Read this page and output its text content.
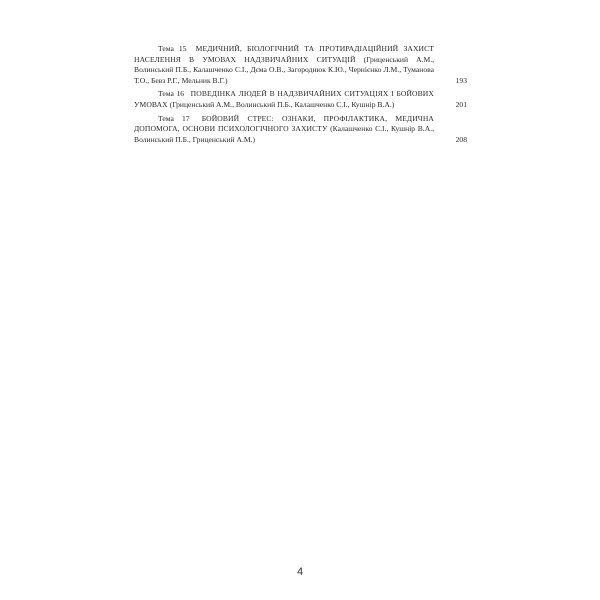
Тема 15 МЕДИЧНИЙ, БІОЛОГІЧНИЙ ТА ПРОТИРАДІАЦІЙНИЙ ЗАХИСТ НАСЕЛЕННЯ В УМОВАХ НАДЗВИЧАЙНИХ СИТУАЦІЙ (Гриценський А.М., Волинський П.Б., Калашченко С.І., Дєма О.В., Загороднюк К.Ю., Чернієнко Л.М., Туманова Т.О., Бевз Р.Г., Мельник В.Г.)	193
Тема 16 ПОВЕДІНКА ЛЮДЕЙ В НАДЗВИЧАЙНИХ СИТУАЦІЯХ І БОЙОВИХ УМОВАХ (Гриценський А.М., Волинський П.Б., Калашченко С.І., Кушнір В.А.)	201
Тема 17 БОЙОВИЙ СТРЕС: ОЗНАКИ, ПРОФІЛАКТИКА, МЕДИЧНА ДОПОМОГА, ОСНОВИ ПСИХОЛОГІЧНОГО ЗАХИСТУ (Калашченко С.І., Кушнір В.А., Волинський П.Б., Гриценський А.М.)	208
4
